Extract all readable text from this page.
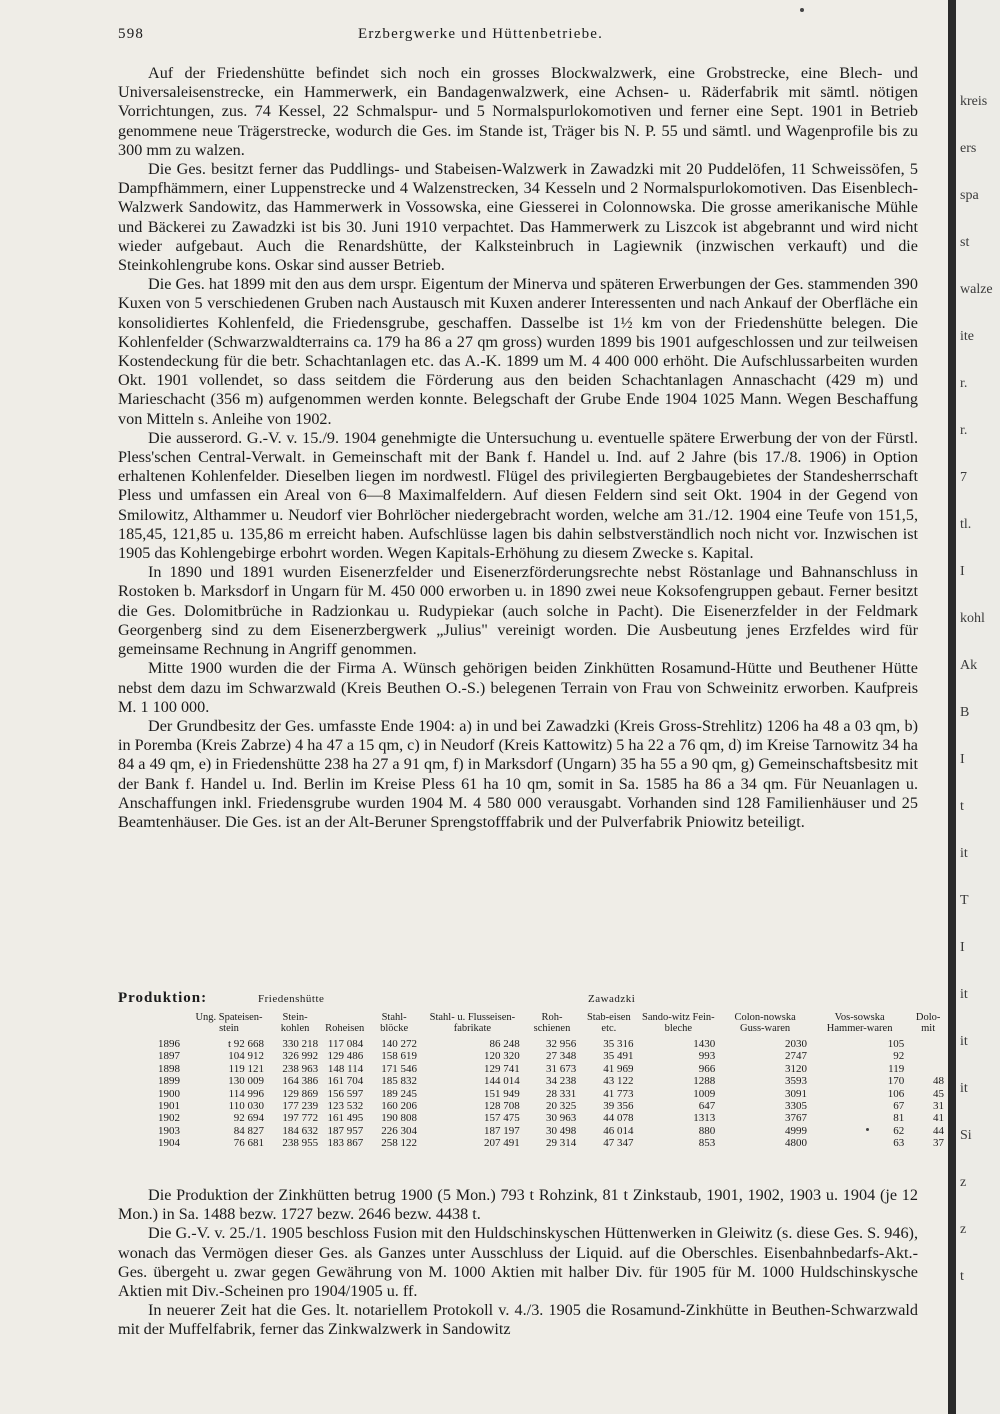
598	Erzbergwerke und Hüttenbetriebe.

Auf der Friedenshütte befindet sich noch ein grosses Blockwalzwerk, eine Grobstrecke, eine Blech- und Universaleisenstrecke, ein Hammerwerk, ein Bandagenwalzwerk, eine Achsen- u. Räderfabrik mit sämtl. nötigen Vorrichtungen, zus. 74 Kessel, 22 Schmalspur- und 5 Normalspurlokomotiven und ferner eine Sept. 1901 in Betrieb genommene neue Trägerstrecke, wodurch die Ges. im Stande ist, Träger bis N. P. 55 und sämtl. und Wagenprofile bis zu 300 mm zu walzen.

Die Ges. besitzt ferner das Puddlings- und Stabeisen-Walzwerk in Zawadzki mit 20 Puddelöfen, 11 Schweissöfen, 5 Dampfhämmern, einer Luppenstrecke und 4 Walzenstrecken, 34 Kesseln und 2 Normalspurlokomotiven. Das Eisenblech-Walzwerk Sandowitz, das Hammerwerk in Vossowska, eine Giesserei in Colonnowska. Die grosse amerikanische Mühle und Bäckerei zu Zawadzki ist bis 30. Juni 1910 verpachtet. Das Hammerwerk zu Liszcok ist abgebrannt und wird nicht wieder aufgebaut. Auch die Renardshütte, der Kalksteinbruch in Lagiewnik (inzwischen verkauft) und die Steinkohlengrube kons. Oskar sind ausser Betrieb.

Die Ges. hat 1899 mit den aus dem urspr. Eigentum der Minerva und späteren Erwerbungen der Ges. stammenden 390 Kuxen von 5 verschiedenen Gruben nach Austausch mit Kuxen anderer Interessenten und nach Ankauf der Oberfläche ein konsolidiertes Kohlenfeld, die Friedensgrube, geschaffen. Dasselbe ist 1½ km von der Friedenshütte belegen. Die Kohlenfelder (Schwarzwaldterrains ca. 179 ha 86 a 27 qm gross) wurden 1899 bis 1901 aufgeschlossen und zur teilweisen Kostendeckung für die betr. Schachtanlagen etc. das A.-K. 1899 um M. 4 400 000 erhöht. Die Aufschlussarbeiten wurden Okt. 1901 vollendet, so dass seitdem die Förderung aus den beiden Schachtanlagen Annaschacht (429 m) und Marieschacht (356 m) aufgenommen werden konnte. Belegschaft der Grube Ende 1904 1025 Mann. Wegen Beschaffung von Mitteln s. Anleihe von 1902.

Die ausserord. G.-V. v. 15./9. 1904 genehmigte die Untersuchung u. eventuelle spätere Erwerbung der von der Fürstl. Pless'schen Central-Verwalt. in Gemeinschaft mit der Bank f. Handel u. Ind. auf 2 Jahre (bis 17./8. 1906) in Option erhaltenen Kohlenfelder. Dieselben liegen im nordwestl. Flügel des privilegierten Bergbaugebietes der Standesherrschaft Pless und umfassen ein Areal von 6—8 Maximalfeldern. Auf diesen Feldern sind seit Okt. 1904 in der Gegend von Smilowitz, Althammer u. Neudorf vier Bohrlöcher niedergebracht worden, welche am 31./12. 1904 eine Teufe von 151,5, 185,45, 121,85 u. 135,86 m erreicht haben. Aufschlüsse lagen bis dahin selbstverständlich noch nicht vor. Inzwischen ist 1905 das Kohlengebirge erbohrt worden. Wegen Kapitals-Erhöhung zu diesem Zwecke s. Kapital.

In 1890 und 1891 wurden Eisenerzfelder und Eisenerzförderungsrechte nebst Röstanlage und Bahnanschluss in Rostoken b. Marksdorf in Ungarn für M. 450 000 erworben u. in 1890 zwei neue Koksofengruppen gebaut. Ferner besitzt die Ges. Dolomitbrüche in Radzionkau u. Rudypiekar (auch solche in Pacht). Die Eisenerzfelder in der Feldmark Georgenberg sind zu dem Eisenerzbergwerk „Julius" vereinigt worden. Die Ausbeutung jenes Erzfeldes wird für gemeinsame Rechnung in Angriff genommen.

Mitte 1900 wurden die der Firma A. Wünsch gehörigen beiden Zinkhütten Rosamund-Hütte und Beuthener Hütte nebst dem dazu im Schwarzwald (Kreis Beuthen O.-S.) belegenen Terrain von Frau von Schweinitz erworben. Kaufpreis M. 1 100 000.

Der Grundbesitz der Ges. umfasste Ende 1904: a) in und bei Zawadzki (Kreis Gross-Strehlitz) 1206 ha 48 a 03 qm, b) in Poremba (Kreis Zabrze) 4 ha 47 a 15 qm, c) in Neudorf (Kreis Kattowitz) 5 ha 22 a 76 qm, d) im Kreise Tarnowitz 34 ha 84 a 49 qm, e) in Friedenshütte 238 ha 27 a 91 qm, f) in Marksdorf (Ungarn) 35 ha 55 a 90 qm, g) Gemeinschaftsbesitz mit der Bank f. Handel u. Ind. Berlin im Kreise Pless 61 ha 10 qm, somit in Sa. 1585 ha 86 a 34 qm. Für Neuanlagen u. Anschaffungen inkl. Friedensgrube wurden 1904 M. 4 580 000 verausgabt. Vorhanden sind 128 Familienhäuser und 25 Beamtenhäuser. Die Ges. ist an der Alt-Beruner Sprengstofffabrik und der Pulverfabrik Pniowitz beteiligt.

Produktion:	Friedenshütte	Zawadzki
	Ung. Spateisen-stein	Stein-kohlen	Roheisen	Stahl-blöcke	Stahl- u. Flusseisen-fabrikate	Roh-schienen	Stab-eisen etc.	Sando-witz Fein-bleche	Colon-nowska Guss-waren	Vos-sowska Hammer-waren	Dolo-mit
1896	t 92 668	330 218	117 084	140 272	86 248	32 956	35 316	1430	2030	105	
1897	104 912	326 992	129 486	158 619	120 320	27 348	35 491	993	2747	92	
1898	119 121	238 963	148 114	171 546	129 741	31 673	41 969	966	3120	119	
1899	130 009	164 386	161 704	185 832	144 014	34 238	43 122	1288	3593	170	48
1900	114 996	129 869	156 597	189 245	151 949	28 331	41 773	1009	3091	106	45
1901	110 030	177 239	123 532	160 206	128 708	20 325	39 356	647	3305	67	31
1902	92 694	197 772	161 495	190 808	157 475	30 963	44 078	1313	3767	81	41
1903	84 827	184 632	187 957	226 304	187 197	30 498	46 014	880	4999	62	44
1904	76 681	238 955	183 867	258 122	207 491	29 314	47 347	853	4800	63	37

Die Produktion der Zinkhütten betrug 1900 (5 Mon.) 793 t Rohzink, 81 t Zinkstaub, 1901, 1902, 1903 u. 1904 (je 12 Mon.) in Sa. 1488 bezw. 1727 bezw. 2646 bezw. 4438 t.

Die G.-V. v. 25./1. 1905 beschloss Fusion mit den Huldschinskyschen Hüttenwerken in Gleiwitz (s. diese Ges. S. 946), wonach das Vermögen dieser Ges. als Ganzes unter Ausschluss der Liquid. auf die Oberschles. Eisenbahnbedarfs-Akt.-Ges. übergeht u. zwar gegen Gewährung von M. 1000 Aktien mit halber Div. für 1905 für M. 1000 Huldschinskysche Aktien mit Div.-Scheinen pro 1904/1905 u. ff.

In neuerer Zeit hat die Ges. lt. notariellem Protokoll v. 4./3. 1905 die Rosamund-Zinkhütte in Beuthen-Schwarzwald mit der Muffelfabrik, ferner das Zinkwalzwerk in Sandowitz

kreis
ers
spa
st
walze
ite
r.
r.
7
tl.
I
kohl
Ak
B
I
t
it
T
I
it
it
it
Si
z
z
t
